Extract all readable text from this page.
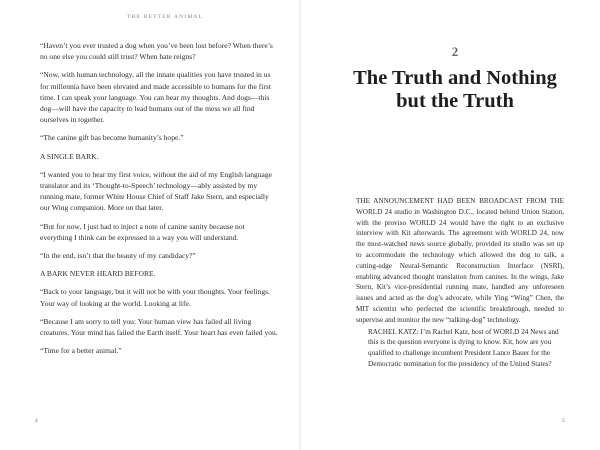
THE BETTER ANIMAL

“Haven’t you ever trusted a dog when you’ve been lost before? When there’s no one else you could still trust? When hate reigns?

“Now, with human technology, all the innate qualities you have trusted in us for millennia have been elevated and made accessible to humans for the first time. I can speak your language. You can hear my thoughts. And dogs—this dog—will have the capacity to lead humans out of the mess we all find ourselves in together.

“The canine gift has become humanity’s hope.”

A SINGLE BARK.

“I wanted you to hear my first voice, without the aid of my English language translator and its ‘Thought-to-Speech’ technology—ably assisted by my running mate, former White House Chief of Staff Jake Stern, and especially our Wing companion. More on that later.

“But for now, I just had to inject a note of canine sanity because not everything I think can be expressed in a way you will understand.

“In the end, isn’t that the beauty of my candidacy?”

A BARK NEVER HEARD BEFORE.

“Back to your language, but it will not be with your thoughts. Your feelings. Your way of looking at the world. Looking at life.

“Because I am sorry to tell you: Your human view has failed all living creatures. Your mind has failed the Earth itself. Your heart has even failed you.

“Time for a better animal.”

4
2
The Truth and Nothing but the Truth

THE ANNOUNCEMENT HAD BEEN BROADCAST FROM THE WORLD 24 studio in Washington D.C., located behind Union Station, with the proviso WORLD 24 would have the right to an exclusive interview with Kit afterwards. The agreement with WORLD 24, now the most-watched news source globally, provided its studio was set up to accommodate the technology which allowed the dog to talk, a cutting-edge Neural-Semantic Reconstruction Interface (NSRI), enabling advanced thought translation from canines. In the wings, Jake Stern, Kit’s vice-presidential running mate, handled any unforeseen issues and acted as the dog’s advocate, while Ying “Wing” Chen, the MIT scientist who perfected the scientific breakthrough, needed to supervise and monitor the new “talking-dog” technology.

RACHEL KATZ: I’m Rachel Katz, host of WORLD 24 News and this is the question everyone is dying to know. Kit, how are you qualified to challenge incumbent President Lance Bauer for the Democratic nomination for the presidency of the United States?

5
